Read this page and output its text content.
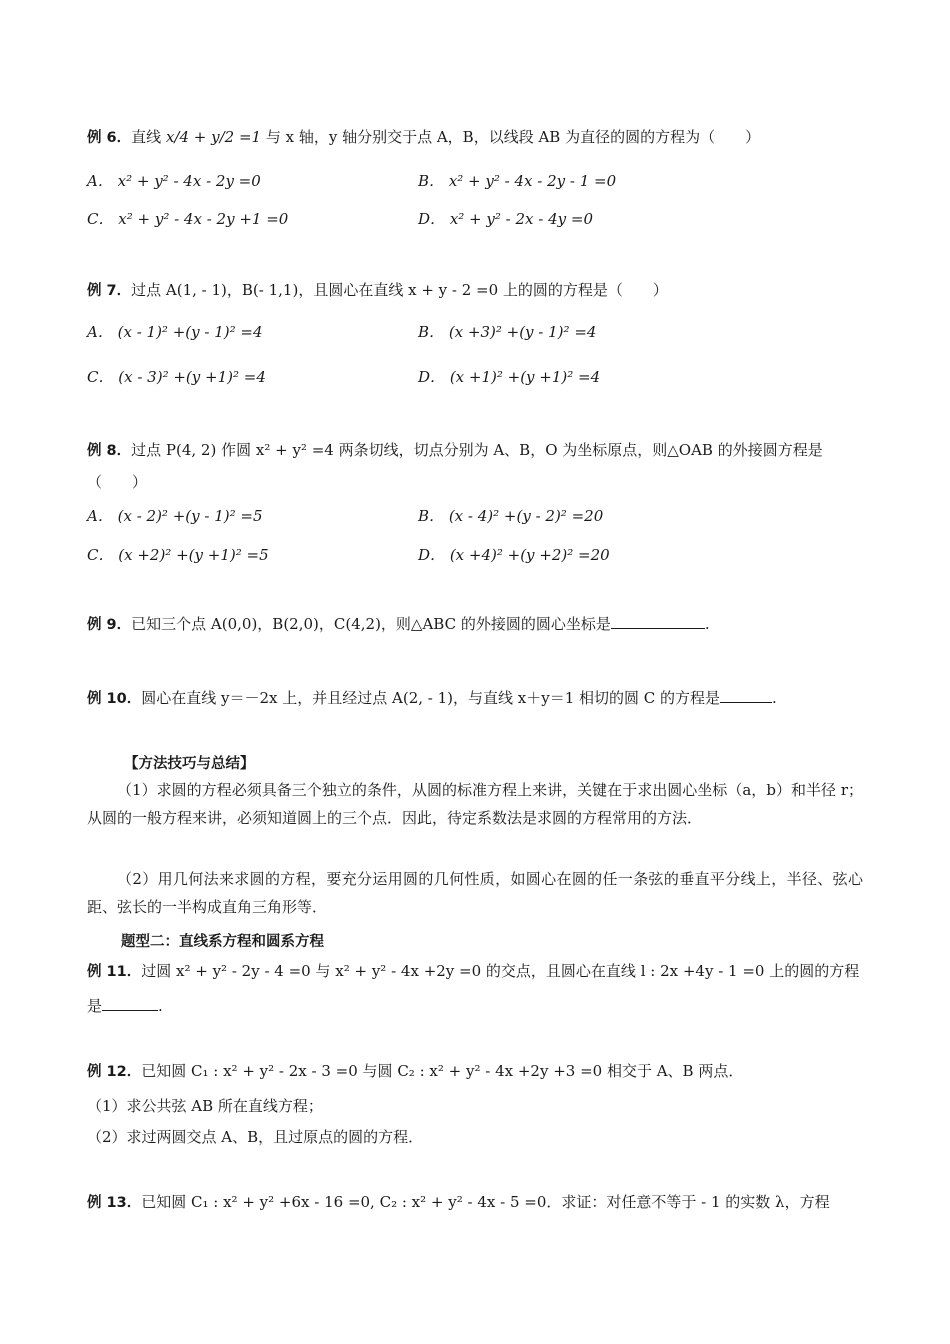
例 6．直线 x/4 + y/2 =1 与 x 轴，y 轴分别交于点 A，B，以线段 AB 为直径的圆的方程为（　　）
A． x² + y² - 4x - 2y =0	B． x² + y² - 4x - 2y - 1 =0
C． x² + y² - 4x - 2y +1 =0	D． x² + y² - 2x - 4y =0
例 7．过点 A(1, - 1)，B(- 1,1)，且圆心在直线 x + y - 2 =0 上的圆的方程是（　　）
A． (x - 1)² +(y - 1)² =4	B． (x +3)² +(y - 1)² =4
C． (x - 3)² +(y +1)² =4	D． (x +1)² +(y +1)² =4
例 8．过点 P(4, 2) 作圆 x² + y² =4 两条切线，切点分别为 A、B，O 为坐标原点，则△OAB 的外接圆方程是
（　　）
A． (x - 2)² +(y - 1)² =5	B． (x - 4)² +(y - 2)² =20
C． (x +2)² +(y +1)² =5	D． (x +4)² +(y +2)² =20
例 9．已知三个点 A(0,0)，B(2,0)，C(4,2)，则△ABC 的外接圆的圆心坐标是	.
例 10．圆心在直线 y＝－2x 上，并且经过点 A(2, - 1)，与直线 x＋y＝1 相切的圆 C 的方程是	.
【方法技巧与总结】
（1）求圆的方程必须具备三个独立的条件，从圆的标准方程上来讲，关键在于求出圆心坐标（a，b）和半径 r；从圆的一般方程来讲，必须知道圆上的三个点．因此，待定系数法是求圆的方程常用的方法．
（2）用几何法来求圆的方程，要充分运用圆的几何性质，如圆心在圆的任一条弦的垂直平分线上，半径、弦心距、弦长的一半构成直角三角形等．
题型二：直线系方程和圆系方程
例 11．过圆 x² + y² - 2y - 4 =0 与 x² + y² - 4x +2y =0 的交点，且圆心在直线 l : 2x +4y - 1 =0 上的圆的方程
是	.
例 12．已知圆 C₁ : x² + y² - 2x - 3 =0 与圆 C₂ : x² + y² - 4x +2y +3 =0 相交于 A、B 两点．
（1）求公共弦 AB 所在直线方程；
（2）求过两圆交点 A、B，且过原点的圆的方程．
例 13．已知圆 C₁ : x² + y² +6x - 16 =0, C₂ : x² + y² - 4x - 5 =0．求证：对任意不等于 - 1 的实数 λ，方程
